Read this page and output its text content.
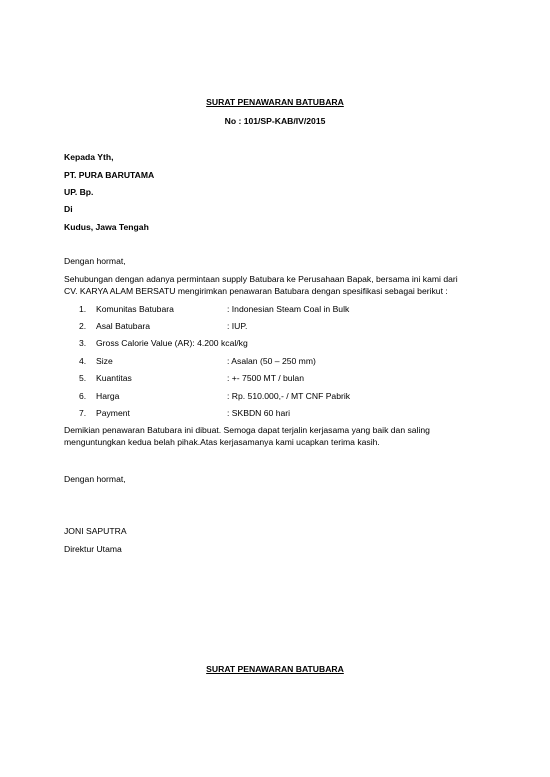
SURAT PENAWARAN BATUBARA
No : 101/SP-KAB/IV/2015
Kepada Yth,
PT. PURA BARUTAMA
UP. Bp.
Di
Kudus, Jawa Tengah
Dengan hormat,
Sehubungan dengan adanya permintaan supply Batubara ke Perusahaan Bapak, bersama ini kami dari
CV. KARYA ALAM BERSATU mengirimkan penawaran Batubara dengan spesifikasi sebagai berikut :
1. Komunitas Batubara	: Indonesian Steam Coal in Bulk
2. Asal Batubara	: IUP.
3. Gross Calorie Value (AR): 4.200 kcal/kg
4. Size	: Asalan (50 – 250 mm)
5. Kuantitas	: +- 7500 MT / bulan
6. Harga	: Rp. 510.000,- / MT CNF Pabrik
7. Payment	: SKBDN 60 hari
Demikian penawaran Batubara ini dibuat. Semoga dapat terjalin kerjasama yang baik dan saling
menguntungkan kedua belah pihak.Atas kerjasamanya kami ucapkan terima kasih.
Dengan hormat,
JONI SAPUTRA
Direktur Utama
SURAT PENAWARAN BATUBARA
